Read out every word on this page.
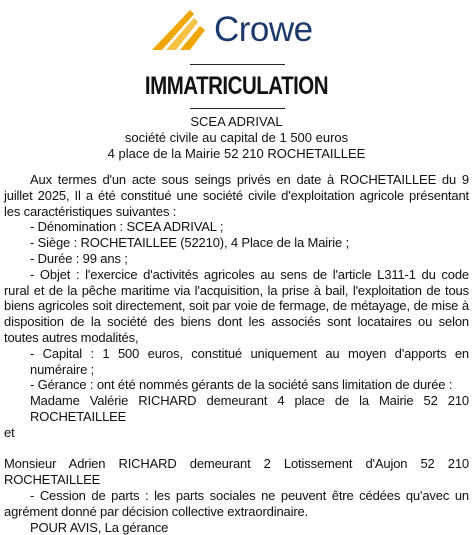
Crowe
IMMATRICULATION
SCEA ADRIVAL
société civile au capital de 1 500 euros
4 place de la Mairie 52 210 ROCHETAILLEE

Aux termes d'un acte sous seings privés en date à ROCHETAILLEE du 9 juillet 2025, Il a été constitué une société civile d'exploitation agricole présentant les caractéristiques suivantes :

- Dénomination : SCEA ADRIVAL ;

- Siège : ROCHETAILLEE (52210), 4 Place de la Mairie ;

- Durée : 99 ans ;

- Objet : l'exercice d'activités agricoles au sens de l'article L311-1 du code rural et de la pêche maritime via l'acquisition, la prise à bail, l'exploitation de tous biens agricoles soit directement, soit par voie de fermage, de métayage, de mise à disposition de la société des biens dont les associés sont locataires ou selon toutes autres modalités,

- Capital : 1 500 euros, constitué uniquement au moyen d'apports en numéraire ;

- Gérance : ont été nommés gérants de la société sans limitation de durée :

Madame Valérie RICHARD demeurant 4 place de la Mairie 52 210 ROCHETAILLEE

et

Monsieur Adrien RICHARD demeurant 2 Lotissement d'Aujon 52 210 ROCHETAILLEE

- Cession de parts : les parts sociales ne peuvent être cédées qu'avec un agrément donné par décision collective extraordinaire.

POUR AVIS, La gérance
